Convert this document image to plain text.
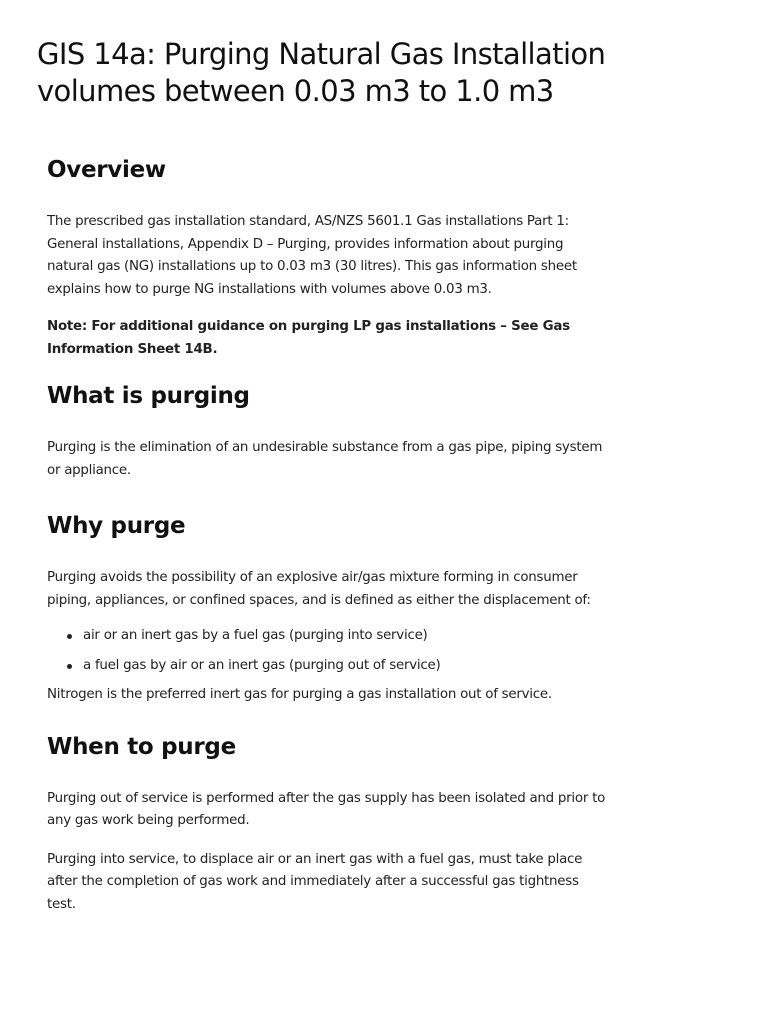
GIS 14a: Purging Natural Gas Installation volumes between 0.03 m3 to 1.0 m3
Overview

The prescribed gas installation standard, AS/NZS 5601.1 Gas installations Part 1: General installations, Appendix D – Purging, provides information about purging natural gas (NG) installations up to 0.03 m3 (30 litres). This gas information sheet explains how to purge NG installations with volumes above 0.03 m3.

Note: For additional guidance on purging LP gas installations – See Gas Information Sheet 14B.

What is purging

Purging is the elimination of an undesirable substance from a gas pipe, piping system or appliance.

Why purge

Purging avoids the possibility of an explosive air/gas mixture forming in consumer piping, appliances, or confined spaces, and is defined as either the displacement of:

air or an inert gas by a fuel gas (purging into service)
a fuel gas by air or an inert gas (purging out of service)

Nitrogen is the preferred inert gas for purging a gas installation out of service.

When to purge

Purging out of service is performed after the gas supply has been isolated and prior to any gas work being performed.

Purging into service, to displace air or an inert gas with a fuel gas, must take place after the completion of gas work and immediately after a successful gas tightness test.
